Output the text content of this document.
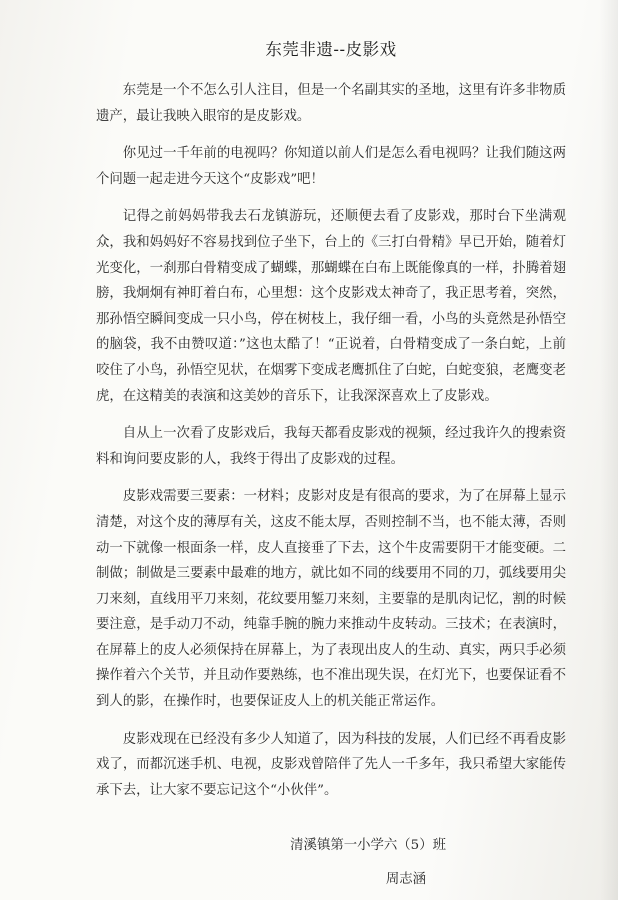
东莞非遗--皮影戏

东莞是一个不怎么引人注目，但是一个名副其实的圣地，这里有许多非物质遗产，最让我映入眼帘的是皮影戏。

你见过一千年前的电视吗？你知道以前人们是怎么看电视吗？让我们随这两个问题一起走进今天这个“皮影戏”吧！

记得之前妈妈带我去石龙镇游玩，还顺便去看了皮影戏，那时台下坐满观众，我和妈妈好不容易找到位子坐下，台上的《三打白骨精》早已开始，随着灯光变化，一刹那白骨精变成了蝴蝶，那蝴蝶在白布上既能像真的一样，扑腾着翅膀，我炯炯有神盯着白布，心里想：这个皮影戏太神奇了，我正思考着，突然，那孙悟空瞬间变成一只小鸟，停在树枝上，我仔细一看，小鸟的头竟然是孙悟空的脑袋，我不由赞叹道：”这也太酷了！“正说着，白骨精变成了一条白蛇，上前咬住了小鸟，孙悟空见状，在烟雾下变成老鹰抓住了白蛇，白蛇变狼，老鹰变老虎，在这精美的表演和这美妙的音乐下，让我深深喜欢上了皮影戏。

自从上一次看了皮影戏后，我每天都看皮影戏的视频，经过我许久的搜索资料和询问要皮影的人，我终于得出了皮影戏的过程。

皮影戏需要三要素：一材料；皮影对皮是有很高的要求，为了在屏幕上显示清楚，对这个皮的薄厚有关，这皮不能太厚，否则控制不当，也不能太薄，否则动一下就像一根面条一样，皮人直接垂了下去，这个牛皮需要阴干才能变硬。二制做；制做是三要素中最难的地方，就比如不同的线要用不同的刀，弧线要用尖刀来刻，直线用平刀来刻，花纹要用錾刀来刻，主要靠的是肌肉记忆，割的时候要注意，是手动刀不动，纯靠手腕的腕力来推动牛皮转动。三技术；在表演时，在屏幕上的皮人必须保持在屏幕上，为了表现出皮人的生动、真实，两只手必须操作着六个关节，并且动作要熟练，也不准出现失误，在灯光下，也要保证看不到人的影，在操作时，也要保证皮人上的机关能正常运作。

皮影戏现在已经没有多少人知道了，因为科技的发展，人们已经不再看皮影戏了，而都沉迷手机、电视，皮影戏曾陪伴了先人一千多年，我只希望大家能传承下去，让大家不要忘记这个“小伙伴”。

清溪镇第一小学六（5）班
周志涵
